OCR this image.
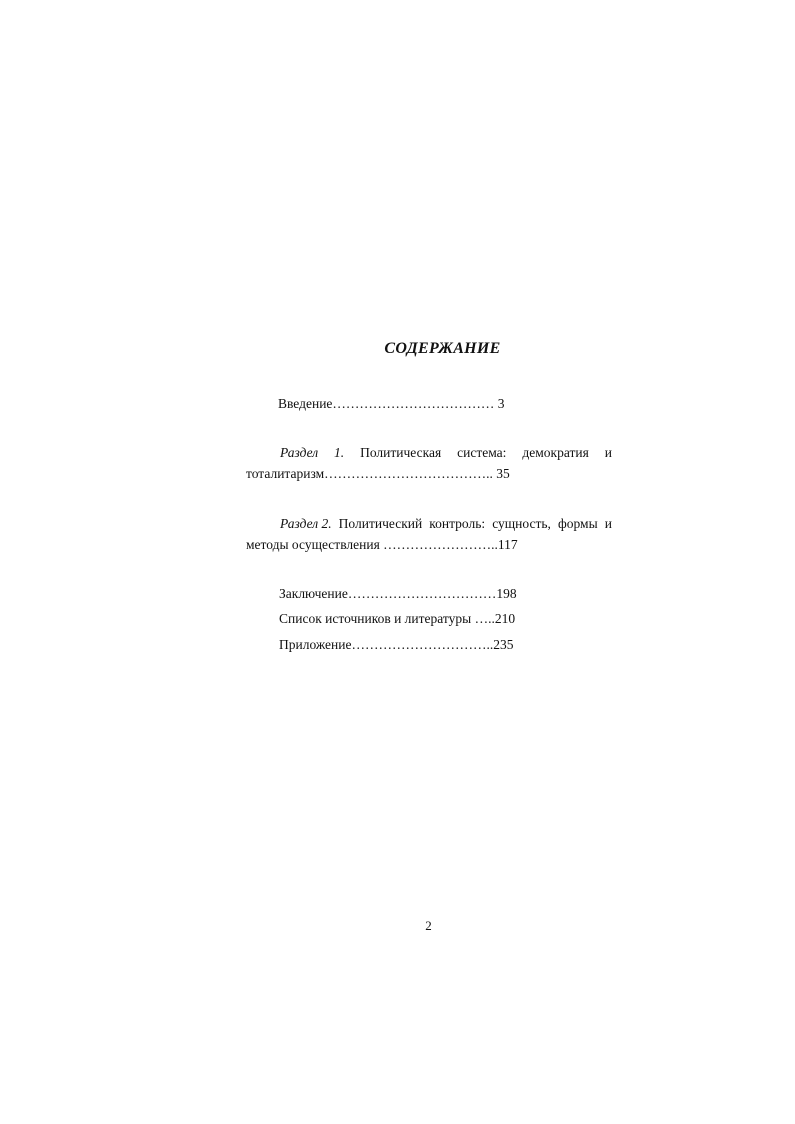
СОДЕРЖАНИЕ
Введение……………………………… 3
Раздел 1. Политическая система: демократия и
тоталитаризм……………………………….. 35
Раздел 2. Политический контроль: сущность, формы и
методы осуществления ……………………..117
Заключение……………………………198
Список источников и литературы …..210
Приложение…………………………..235
2
